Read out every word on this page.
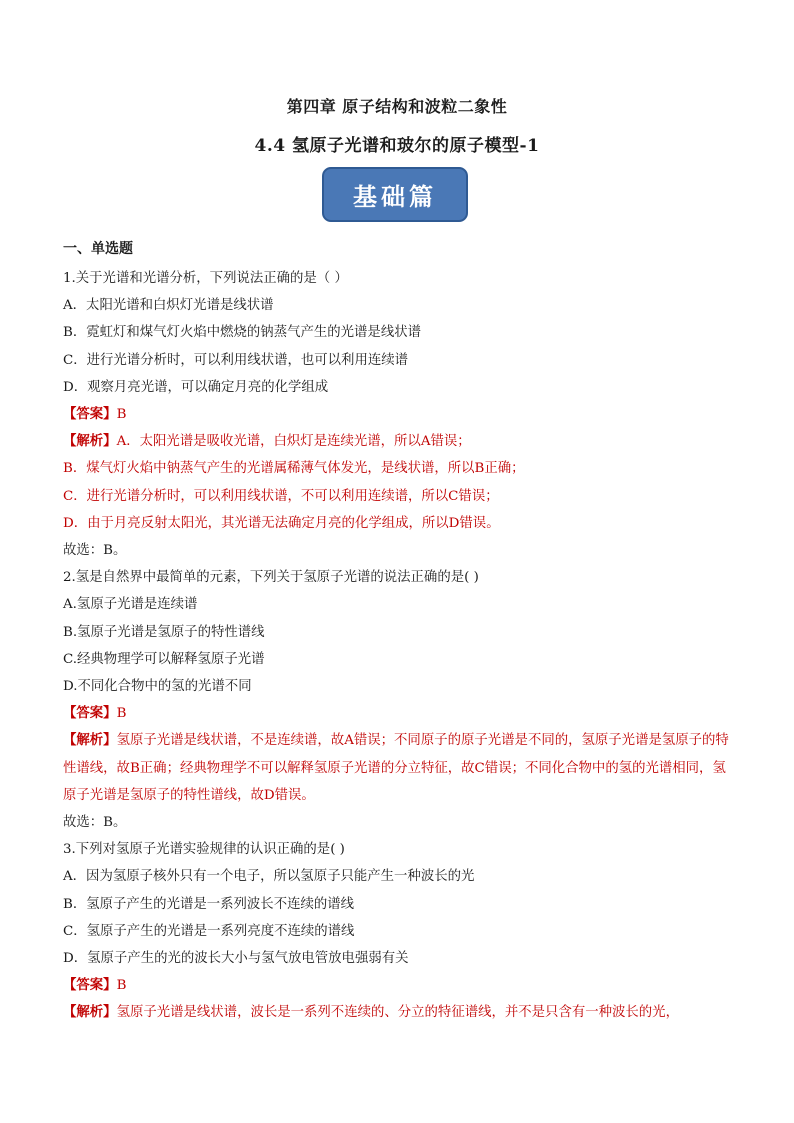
第四章 原子结构和波粒二象性
4.4 氢原子光谱和玻尔的原子模型-1
基础篇
一、单选题
1.关于光谱和光谱分析，下列说法正确的是（ ）
A．太阳光谱和白炽灯光谱是线状谱
B．霓虹灯和煤气灯火焰中燃烧的钠蒸气产生的光谱是线状谱
C．进行光谱分析时，可以利用线状谱，也可以利用连续谱
D．观察月亮光谱，可以确定月亮的化学组成
【答案】B
【解析】A．太阳光谱是吸收光谱，白炽灯是连续光谱，所以A错误；
B．煤气灯火焰中钠蒸气产生的光谱属稀薄气体发光，是线状谱，所以B正确；
C．进行光谱分析时，可以利用线状谱，不可以利用连续谱，所以C错误；
D．由于月亮反射太阳光，其光谱无法确定月亮的化学组成，所以D错误。
故选：B。
2.氢是自然界中最简单的元素，下列关于氢原子光谱的说法正确的是( )
A.氢原子光谱是连续谱
B.氢原子光谱是氢原子的特性谱线
C.经典物理学可以解释氢原子光谱
D.不同化合物中的氢的光谱不同
【答案】B
【解析】氢原子光谱是线状谱，不是连续谱，故A错误；不同原子的原子光谱是不同的，氢原子光谱是氢原子的特性谱线，故B正确；经典物理学不可以解释氢原子光谱的分立特征，故C错误；不同化合物中的氢的光谱相同，氢原子光谱是氢原子的特性谱线，故D错误。
故选：B。
3.下列对氢原子光谱实验规律的认识正确的是( )
A．因为氢原子核外只有一个电子，所以氢原子只能产生一种波长的光
B．氢原子产生的光谱是一系列波长不连续的谱线
C．氢原子产生的光谱是一系列亮度不连续的谱线
D．氢原子产生的光的波长大小与氢气放电管放电强弱有关
【答案】B
【解析】氢原子光谱是线状谱，波长是一系列不连续的、分立的特征谱线，并不是只含有一种波长的光，
